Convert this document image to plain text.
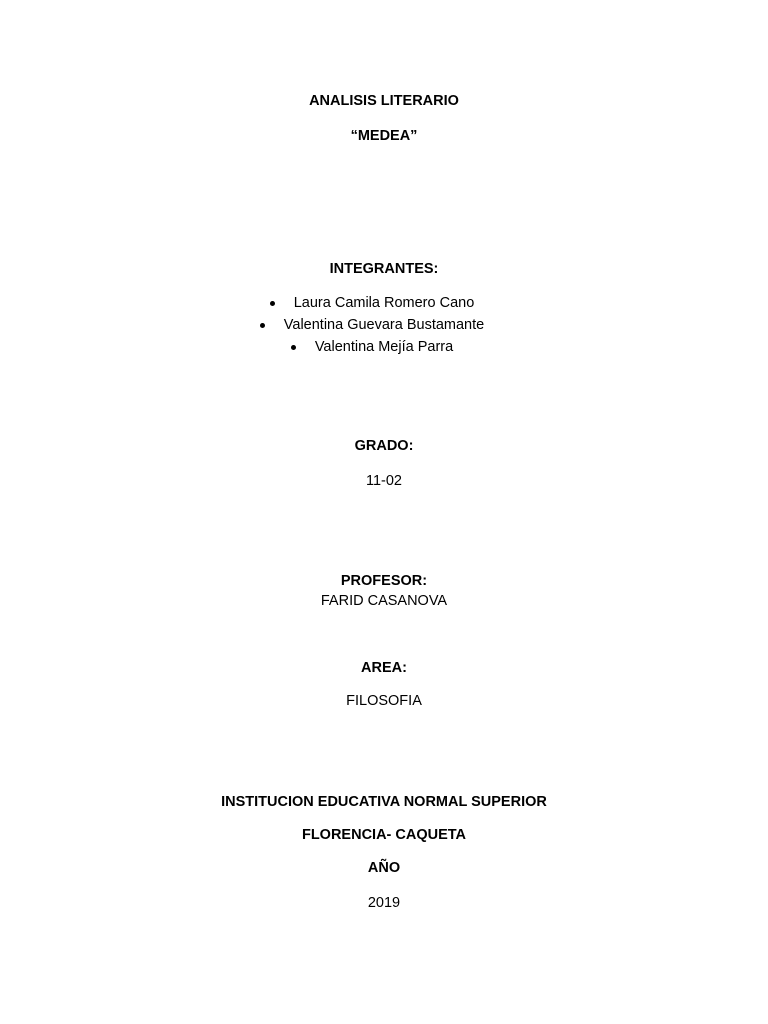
ANALISIS LITERARIO
“MEDEA”
INTEGRANTES:
Laura Camila Romero Cano
Valentina Guevara Bustamante
Valentina Mejía Parra
GRADO:
11-02
PROFESOR:
FARID CASANOVA
AREA:
FILOSOFIA
INSTITUCION EDUCATIVA NORMAL SUPERIOR
FLORENCIA- CAQUETA
AÑO
2019
